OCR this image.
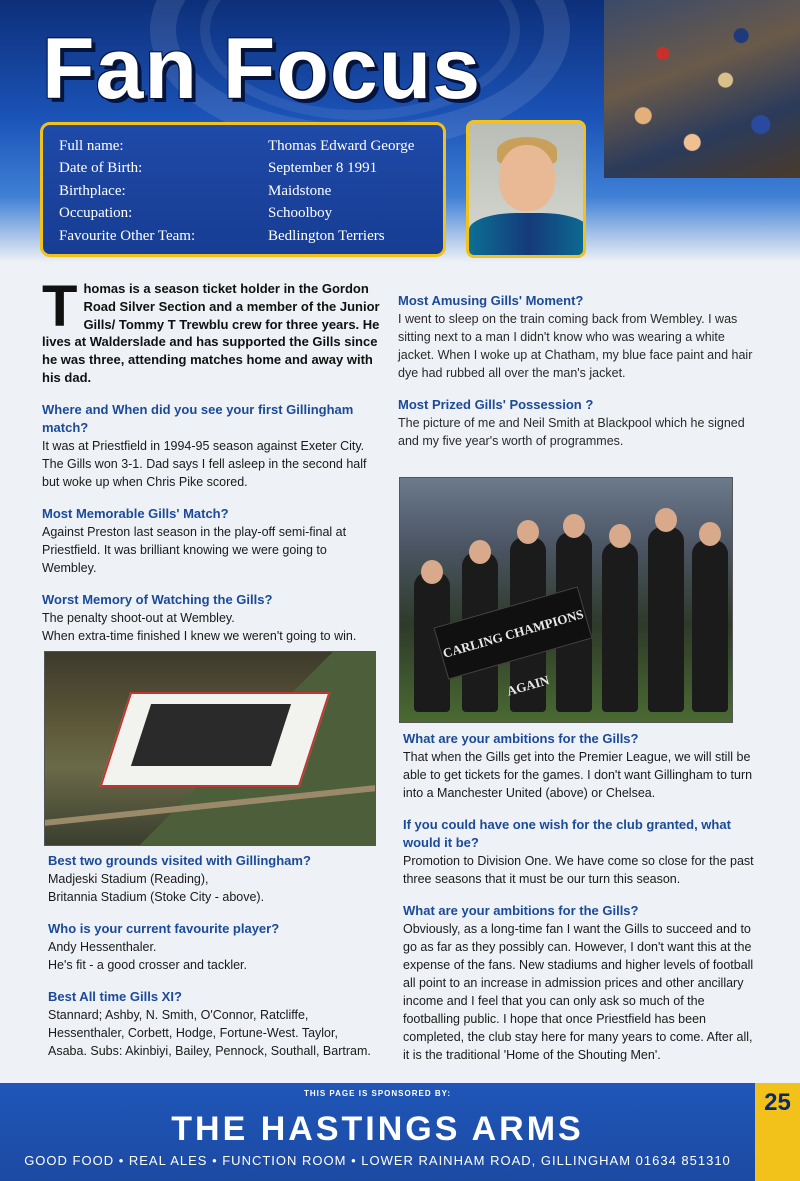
Fan Focus
Full name:	Thomas Edward George
Date of Birth:	September 8 1991
Birthplace:	Maidstone
Occupation:	Schoolboy
Favourite Other Team:	Bedlington Terriers

Thomas is a season ticket holder in the Gordon Road Silver Section and a member of the Junior Gills/ Tommy T Trewblu crew for three years. He lives at Walderslade and has supported the Gills since he was three, attending matches home and away with his dad.

Where and When did you see your first Gillingham match?
It was at Priestfield in 1994-95 season against Exeter City. The Gills won 3-1. Dad says I fell asleep in the second half but woke up when Chris Pike scored.
Most Memorable Gills' Match?
Against Preston last season in the play-off semi-final at Priestfield. It was brilliant knowing we were going to Wembley.
Worst Memory of Watching the Gills?
The penalty shoot-out at Wembley.
When extra-time finished I knew we weren't going to win.
Best two grounds visited with Gillingham?
Madjeski Stadium (Reading),
Britannia Stadium (Stoke City - above).
Who is your current favourite player?
Andy Hessenthaler.
He's fit - a good crosser and tackler.
Best All time Gills XI?
Stannard; Ashby, N. Smith, O'Connor, Ratcliffe, Hessenthaler, Corbett, Hodge, Fortune-West. Taylor, Asaba. Subs: Akinbiyi, Bailey, Pennock, Southall, Bartram.
Most Amusing Gills' Moment?
I went to sleep on the train coming back from Wembley. I was sitting next to a man I didn't know who was wearing a white jacket. When I woke up at Chatham, my blue face paint and hair dye had rubbed all over the man's jacket.
Most Prized Gills' Possession ?
The picture of me and Neil Smith at Blackpool which he signed and my five year's worth of programmes.
CARLING CHAMPIONS AGAIN
What are your ambitions for the Gills?
That when the Gills get into the Premier League, we will still be able to get tickets for the games. I don't want Gillingham to turn into a Manchester United (above) or Chelsea.
If you could have one wish for the club granted, what would it be?
Promotion to Division One. We have come so close for the past three seasons that it must be our turn this season.
What are your ambitions for the Gills?
Obviously, as a long-time fan I want the Gills to succeed and to go as far as they possibly can. However, I don't want this at the expense of the fans. New stadiums and higher levels of football all point to an increase in admission prices and other ancillary income and I feel that you can only ask so much of the footballing public. I hope that once Priestfield has been completed, the club stay here for many years to come. After all, it is the traditional 'Home of the Shouting Men'.
THIS PAGE IS SPONSORED BY:
THE HASTINGS ARMS
GOOD FOOD • REAL ALES • FUNCTION ROOM • LOWER RAINHAM ROAD, GILLINGHAM 01634 851310
25
